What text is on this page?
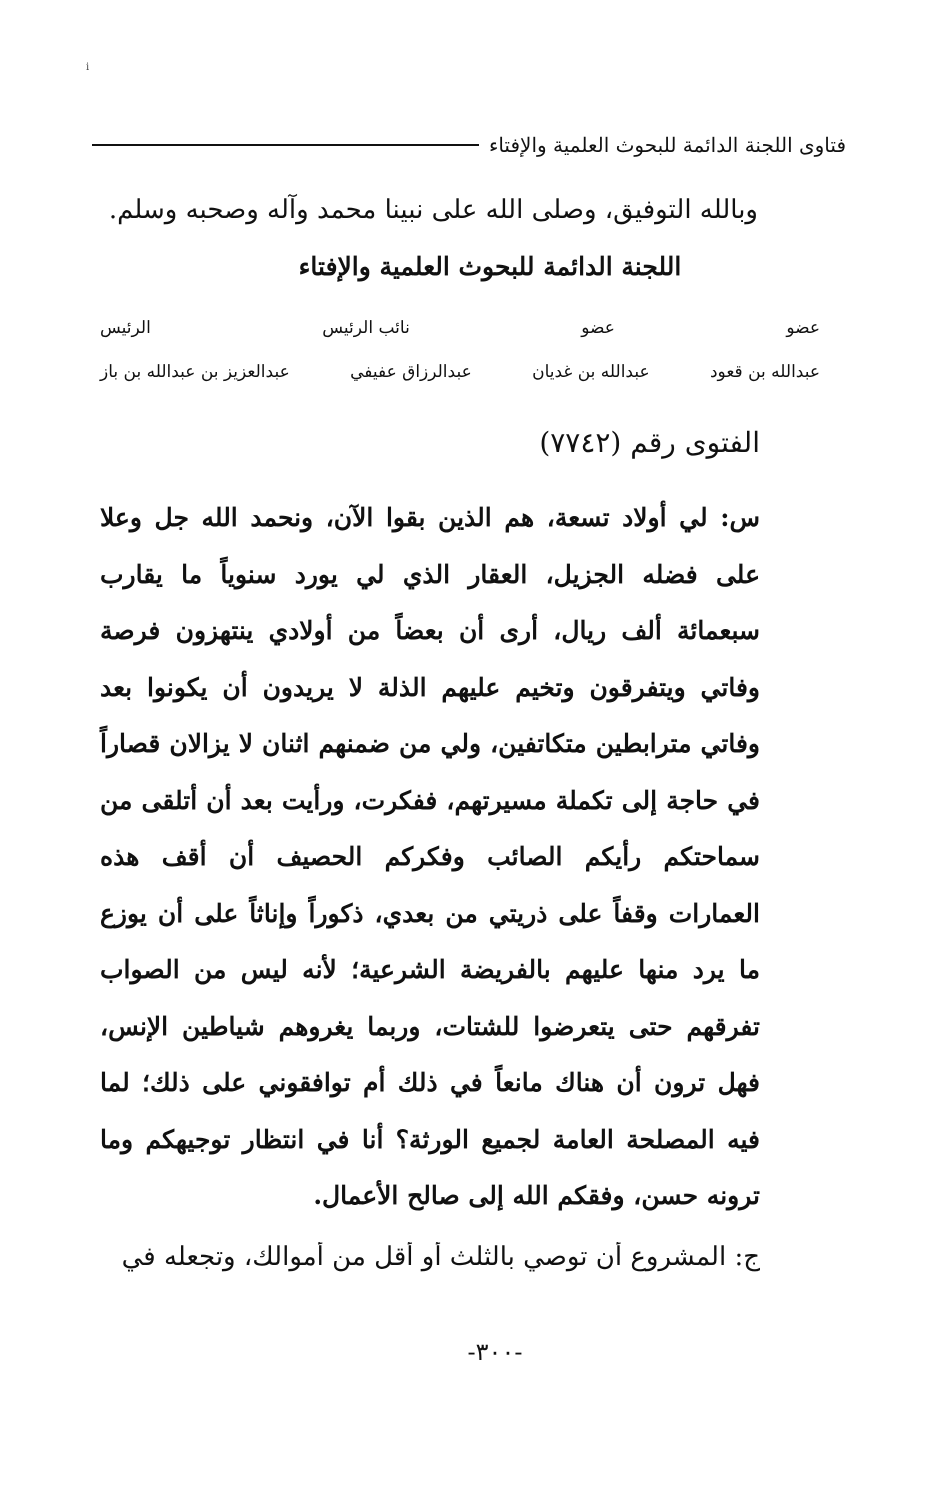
i
فتاوى اللجنة الدائمة للبحوث العلمية والإفتاء
وبالله التوفيق، وصلى الله على نبينا محمد وآله وصحبه وسلم.
اللجنة الدائمة للبحوث العلمية والإفتاء
عضو
عضو
نائب الرئيس
الرئيس
عبدالله بن قعود
عبدالله بن غديان
عبدالرزاق عفيفي
عبدالعزيز بن عبدالله بن باز
الفتوى رقم (٧٧٤٢)
س: لي أولاد تسعة، هم الذين بقوا الآن، ونحمد الله جل وعلا على فضله الجزيل، العقار الذي لي يورد سنوياً ما يقارب سبعمائة ألف ريال، أرى أن بعضاً من أولادي ينتهزون فرصة وفاتي ويتفرقون وتخيم عليهم الذلة لا يريدون أن يكونوا بعد وفاتي مترابطين متكاتفين، ولي من ضمنهم اثنان لا يزالان قصاراً في حاجة إلى تكملة مسيرتهم، ففكرت، ورأيت بعد أن أتلقى من سماحتكم رأيكم الصائب وفكركم الحصيف أن أقف هذه العمارات وقفاً على ذريتي من بعدي، ذكوراً وإناثاً على أن يوزع ما يرد منها عليهم بالفريضة الشرعية؛ لأنه ليس من الصواب تفرقهم حتى يتعرضوا للشتات، وربما يغروهم شياطين الإنس، فهل ترون أن هناك مانعاً في ذلك أم توافقوني على ذلك؛ لما فيه المصلحة العامة لجميع الورثة؟ أنا في انتظار توجيهكم وما ترونه حسن، وفقكم الله إلى صالح الأعمال.
ج: المشروع أن توصي بالثلث أو أقل من أموالك، وتجعله في
-٣٠٠-
